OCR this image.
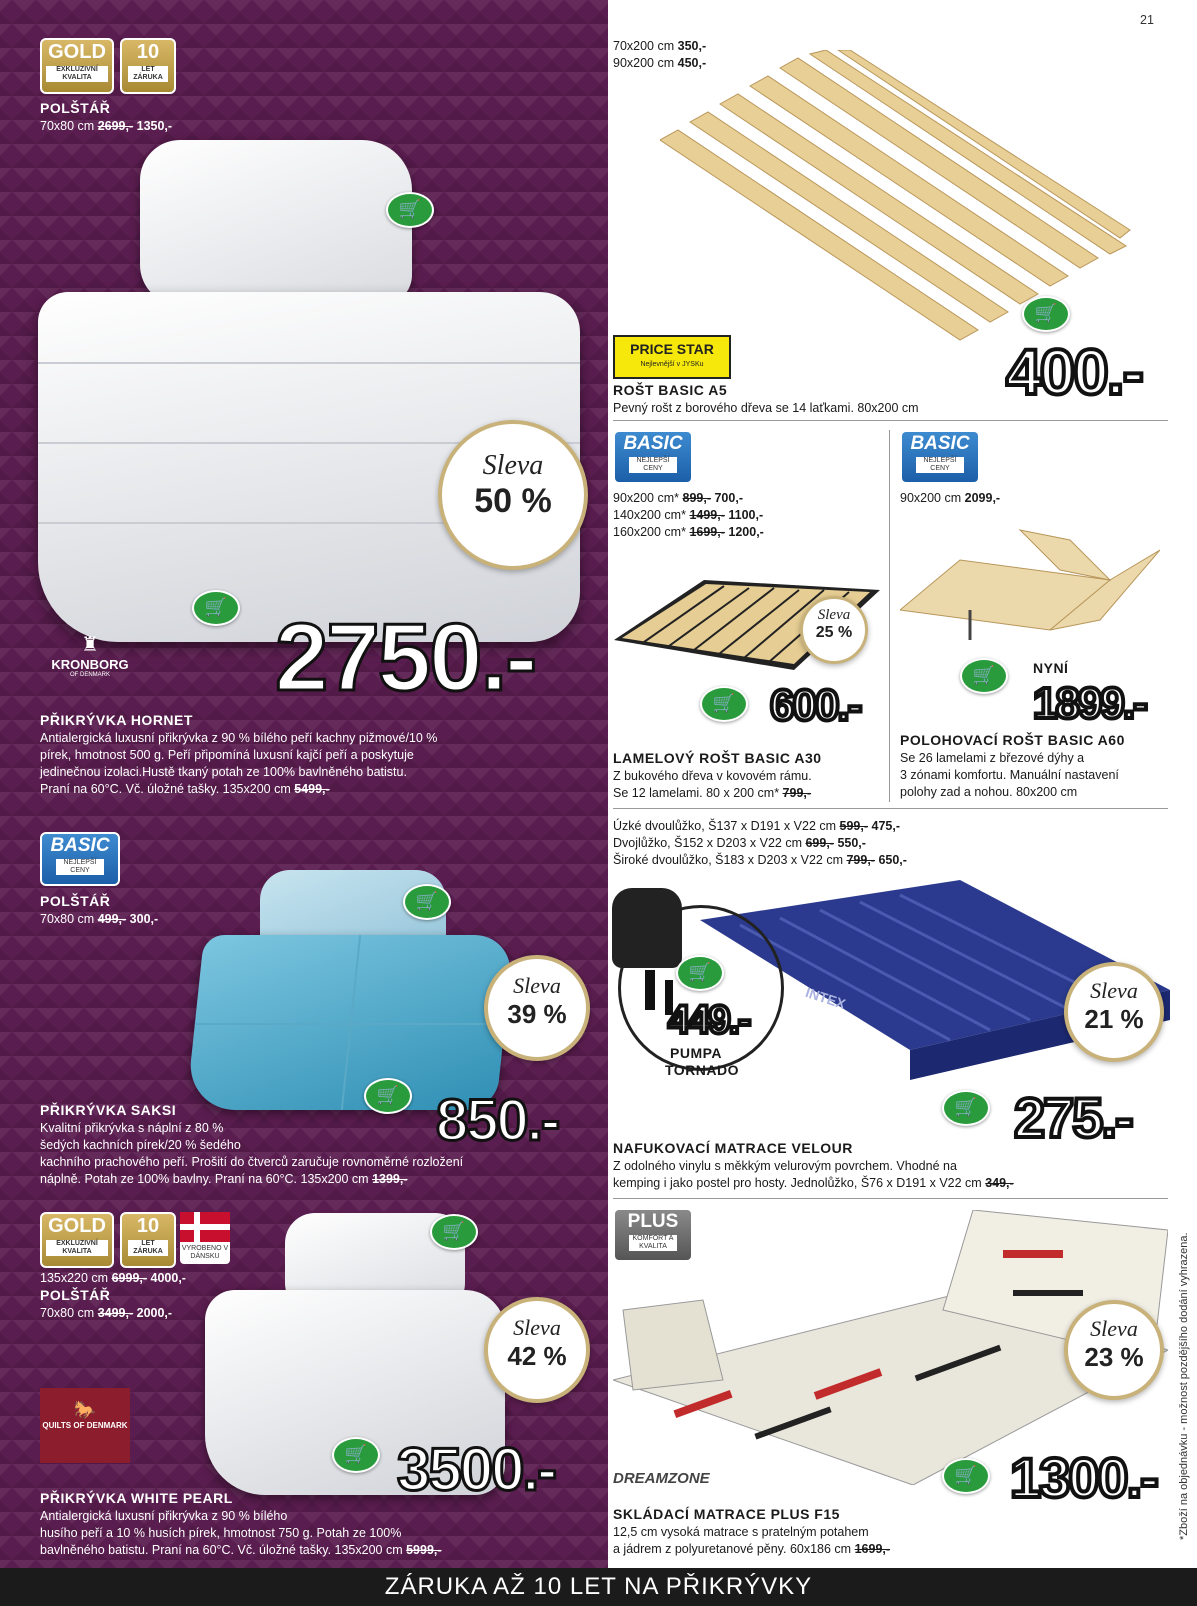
GOLD
EXKLUZIVNÍ KVALITA
10
LET ZÁRUKA
POLŠTÁŘ
70x80 cm 2699,- 1350,-
🛒
🛒
Sleva
50 %
♜
KRONBORG
OF DENMARK	2750.-
PŘIKRÝVKA HORNET
Antialergická luxusní přikrývka z 90 % bílého peří kachny pižmové/10 %
pírek, hmotnost 500 g. Peří připomíná luxusní kajčí peří a poskytuje
jedinečnou izolaci.Hustě tkaný potah ze 100% bavlněného batistu.
Praní na 60°C. Vč. úložné tašky. 135x200 cm 5499,-
BASIC
NEJLEPŠÍ CENY
POLŠTÁŘ
70x80 cm 499,- 300,-
🛒
🛒
Sleva
39 %
850.-
PŘIKRÝVKA SAKSI
Kvalitní přikrývka s náplní z 80 %
šedých kachních pírek/20 % šedého
kachního prachového peří. Prošití do čtverců zaručuje rovnoměrné rozložení
náplně. Potah ze 100% bavlny. Praní na 60°C. 135x200 cm 1399,-
GOLD
EXKLUZIVNÍ KVALITA
10
LET ZÁRUKA	VYROBENO V DÁNSKU
135x220 cm 6999,- 4000,-
POLŠTÁŘ
70x80 cm 3499,- 2000,-
🛒
🛒
Sleva
42 %
🐎
QUILTS OF DENMARK
3500.-
PŘIKRÝVKA WHITE PEARL
Antialergická luxusní přikrývka z 90 % bílého
husího peří a 10 % husích pírek, hmotnost 750 g. Potah ze 100%
bavlněného batistu. Praní na 60°C. Vč. úložné tašky. 135x200 cm 5999,-
21
70x200 cm 350,-
90x200 cm 450,-
🛒
PRICE STAR
Nejlevnější v JYSKu	400.-
ROŠT BASIC A5
Pevný rošt z borového dřeva se 14 laťkami. 80x200 cm
BASIC
NEJLEPŠÍ CENY
90x200 cm* 899,- 700,-
140x200 cm* 1499,- 1100,-
160x200 cm* 1699,- 1200,-
Sleva
25 %
🛒 600.-
LAMELOVÝ ROŠT BASIC A30
Z bukového dřeva v kovovém rámu.
Se 12 lamelami. 80 x 200 cm* 799,-
BASIC
NEJLEPŠÍ CENY
90x200 cm 2099,-
🛒	NYNÍ
1899.-
POLOHOVACÍ ROŠT BASIC A60
Se 26 lamelami z březové dýhy a
3 zónami komfortu. Manuální nastavení
polohy zad a nohou. 80x200 cm
Úzké dvoulůžko, Š137 x D191 x V22 cm 599,- 475,-
Dvojlůžko, Š152 x D203 x V22 cm 699,- 550,-
Široké dvoulůžko, Š183 x D203 x V22 cm 799,- 650,-
INTEX
🛒
449.-
PUMPA
TORNADO
Sleva
21 %
🛒 275.-
NAFUKOVACÍ MATRACE VELOUR
Z odolného vinylu s měkkým velurovým povrchem. Vhodné na
kemping i jako postel pro hosty. Jednolůžko, Š76 x D191 x V22 cm 349,-
PLUS
KOMFORT A KVALITA
Sleva
23 %
DREAMZONE	🛒 1300.-
SKLÁDACÍ MATRACE PLUS F15
12,5 cm vysoká matrace s pratelným potahem
a jádrem z polyuretanové pěny. 60x186 cm 1699,-
*Zboží na objednávku - možnost pozdějšího dodání vyhrazena.
ZÁRUKA AŽ 10 LET NA PŘIKRÝVKY
